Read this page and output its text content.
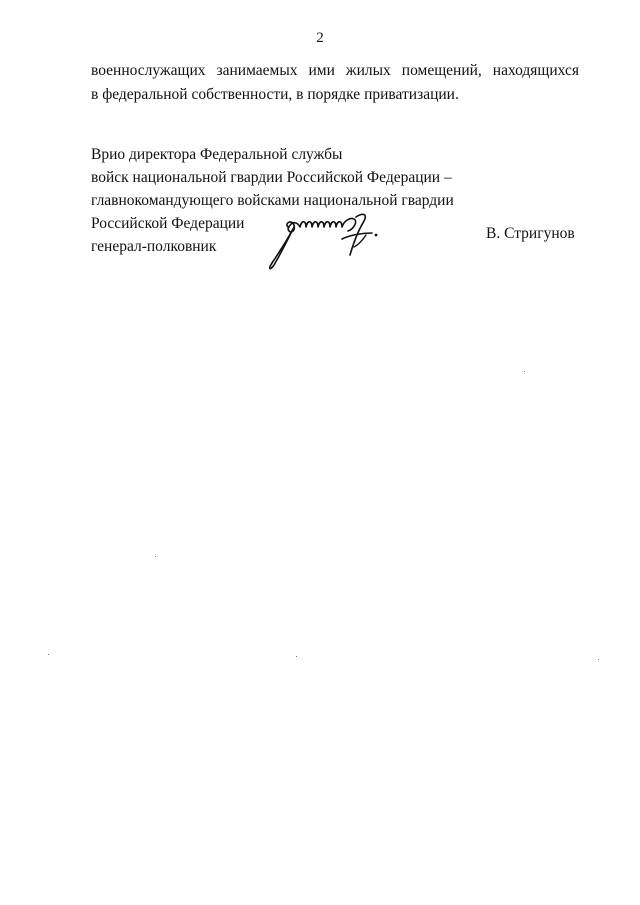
2
военнослужащих занимаемых ими жилых помещений, находящихся
в федеральной собственности, в порядке приватизации.
Врио директора Федеральной службы
войск национальной гвардии Российской Федерации –
главнокомандующего войсками национальной гвардии
Российской Федерации
генерал-полковник
В. Стригунов
